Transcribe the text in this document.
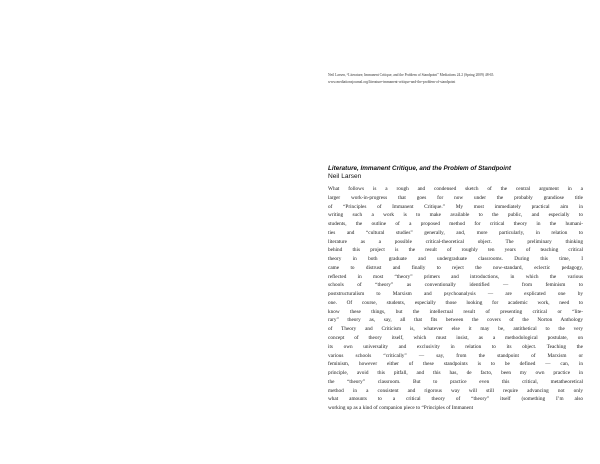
Neil Larsen, “Literature, Immanent Critique, and the Problem of Standpoint” Mediations 24.2 (Spring 2009) 48-65.
www.mediationsjournal.org/literature-immanent-critique-and-the-problem-of-standpoint
Literature, Immanent Critique, and the Problem of Standpoint
Neil Larsen
What follows is a rough and condensed sketch of the central argument in a
larger work-in-progress that goes for now under the probably grandiose title
of “Principles of Immanent Critique.” My most immediately practical aim in
writing such a work is to make available to the public, and especially to
students, the outline of a proposed method for critical theory in the humani-
ties and “cultural studies” generally, and, more particularly, in relation to
literature as a possible critical-theoretical object. The preliminary thinking
behind this project is the result of roughly ten years of teaching critical
theory in both graduate and undergraduate classrooms. During this time, I
came to distrust and finally to reject the now-standard, eclectic pedagogy,
reflected in most “theory” primers and introductions, in which the various
schools of “theory” as conventionally identified — from feminism to
poststructuralism to Marxism and psychoanalysis — are explicated one by
one. Of course, students, especially those looking for academic work, need to
know these things, but the intellectual result of presenting critical or “lite-
rary” theory as, say, all that fits between the covers of the Norton Anthology
of Theory and Criticism is, whatever else it may be, antithetical to the very
concept of theory itself, which must insist, as a methodological postulate, on
its own universality and exclusivity in relation to its object. Teaching the
various schools “critically” — say, from the standpoint of Marxism or
feminism, however either of these standpoints is to be defined — can, in
principle, avoid this pitfall, and this has, de facto, been my own practice in
the “theory” classroom. But to practice even this critical, metatheoretical
method in a consistent and rigorous way will still require advancing not only
what amounts to a critical theory of “theory” itself (something I’m also
working up as a kind of companion piece to “Principles of Immanent
